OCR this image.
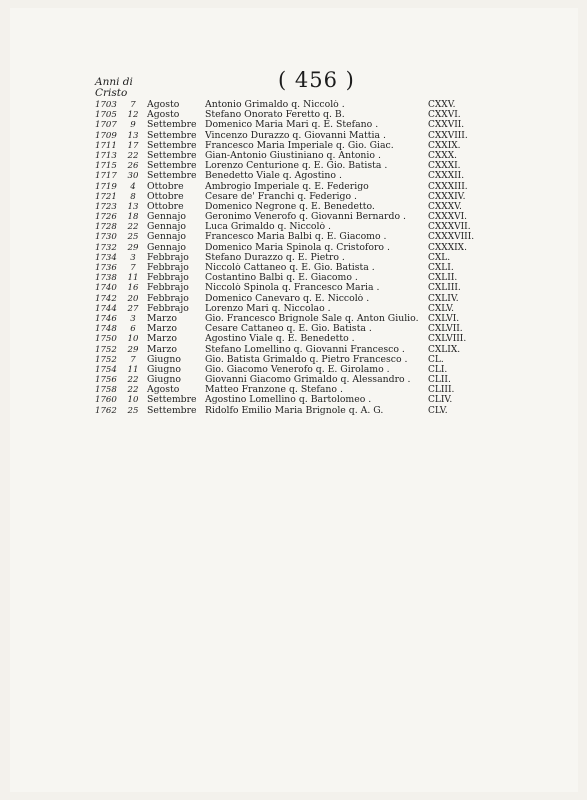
( 456 )
Anni di
Cristo
1703	7	Agosto	Antonio Grimaldo q. Niccolò .	CXXV.
1705	12 Agosto	Stefano Onorato Feretto q. B.	CXXVI.
1707	9	Settembre Domenico Maria Mari q. E. Stefano .	CXXVII.
1709	13 Settembre Vincenzo Durazzo q. Giovanni Mattia .	CXXVIII.
1711	17 Settembre Francesco Maria Imperiale q. Gio. Giac.	CXXIX.
1713	22 Settembre Gian-Antonio Giustiniano q. Antonio .	CXXX.
1715	26 Settembre Lorenzo Centurione q. E. Gio. Batista .	CXXXI.
1717	30 Settembre Benedetto Viale q. Agostino .	CXXXII.
1719	4	Ottobre	Ambrogio Imperiale q. E. Federigo	CXXXIII.
1721	8	Ottobre	Cesare de' Franchi q. Federigo .	CXXXIV.
1723	13 Ottobre	Domenico Negrone q. E. Benedetto.	CXXXV.
1726	18 Gennajo	Geronimo Venerofo q. Giovanni Bernardo .	CXXXVI.
1728	22 Gennajo	Luca Grimaldo q. Niccolò .	CXXXVII.
1730	25 Gennajo	Francesco Maria Balbi q. E. Giacomo .	CXXXVIII.
1732	29 Gennajo	Domenico Maria Spinola q. Cristoforo .	CXXXIX.
1734	3	Febbrajo	Stefano Durazzo q. E. Pietro .	CXL.
1736	7	Febbrajo	Niccolò Cattaneo q. E. Gio. Batista .	CXLI.
1738	11 Febbrajo	Costantino Balbi q. E. Giacomo .	CXLII.
1740	16 Febbrajo	Niccolò Spinola q. Francesco Maria .	CXLIII.
1742	20 Febbrajo	Domenico Canevaro q. E. Niccolò .	CXLIV.
1744	27 Febbrajo	Lorenzo Mari q. Niccolao .	CXLV.
1746	3	Marzo	Gio. Francesco Brignole Sale q. Anton Giulio.	CXLVI.
1748	6	Marzo	Cesare Cattaneo q. E. Gio. Batista .	CXLVII.
1750	10 Marzo	Agostino Viale q. E. Benedetto .	CXLVIII.
1752	29 Marzo	Stefano Lomellino q. Giovanni Francesco .	CXLIX.
1752	7	Giugno	Gio. Batista Grimaldo q. Pietro Francesco .	CL.
1754	11 Giugno	Gio. Giacomo Venerofo q. E. Girolamo .	CLI.
1756	22 Giugno	Giovanni Giacomo Grimaldo q. Alessandro .	CLII.
1758	22 Agosto	Matteo Franzone q. Stefano .	CLIII.
1760	10 Settembre Agostino Lomellino q. Bartolomeo .	CLIV.
1762	25 Settembre Ridolfo Emilio Maria Brignole q. A. G.	CLV.
